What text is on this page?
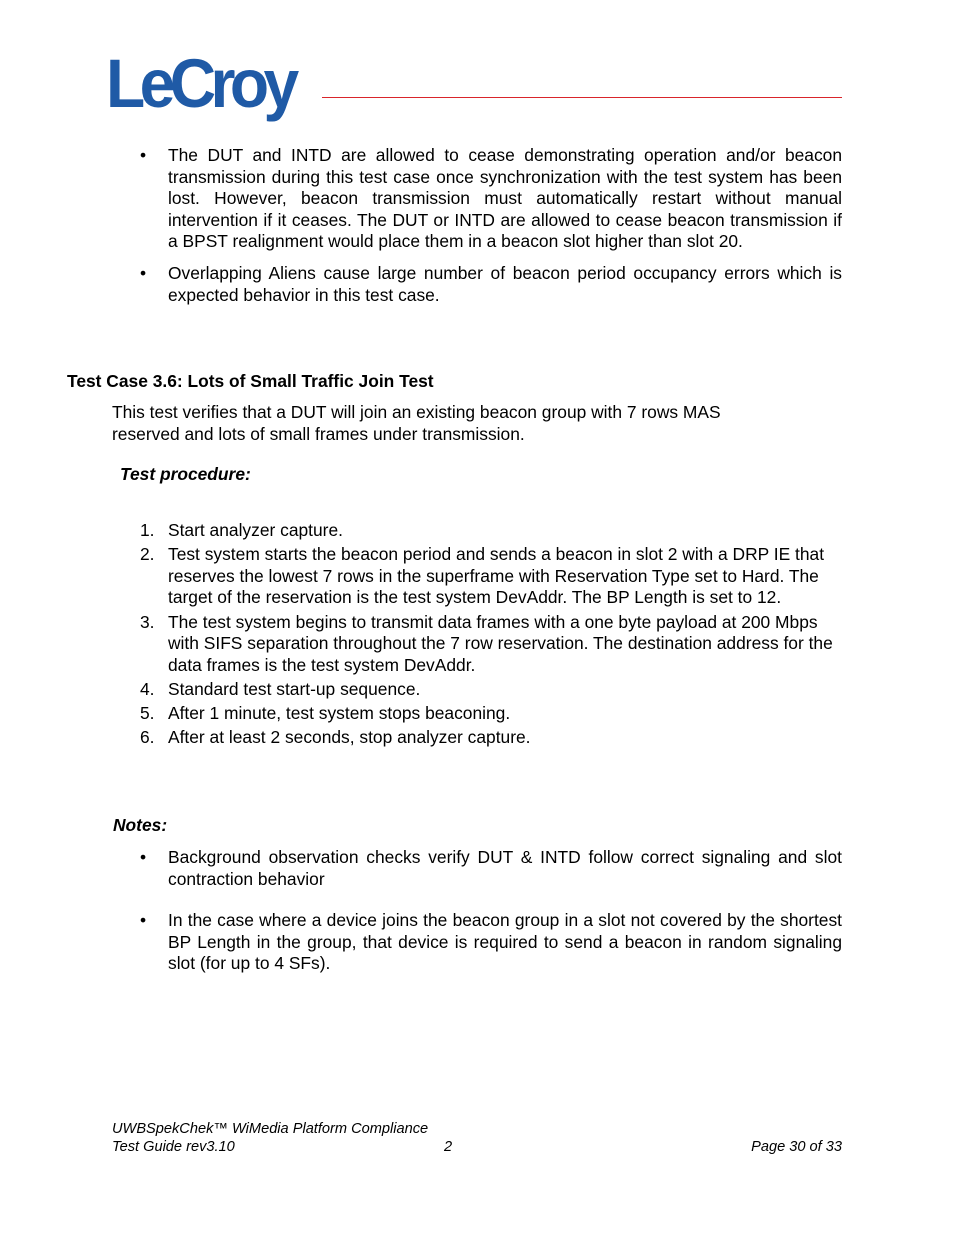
LeCroy
• The DUT and INTD are allowed to cease demonstrating operation and/or beacon transmission during this test case once synchronization with the test system has been lost. However, beacon transmission must automatically restart without manual intervention if it ceases. The DUT or INTD are allowed to cease beacon transmission if a BPST realignment would place them in a beacon slot higher than slot 20.
• Overlapping Aliens cause large number of beacon period occupancy errors which is expected behavior in this test case.
Test Case 3.6: Lots of Small Traffic Join Test

This test verifies that a DUT will join an existing beacon group with 7 rows MAS reserved and lots of small frames under transmission.

Test procedure:

1. Start analyzer capture.
2. Test system starts the beacon period and sends a beacon in slot 2 with a DRP IE that reserves the lowest 7 rows in the superframe with Reservation Type set to Hard. The target of the reservation is the test system DevAddr. The BP Length is set to 12.
3. The test system begins to transmit data frames with a one byte payload at 200 Mbps with SIFS separation throughout the 7 row reservation. The destination address for the data frames is the test system DevAddr.
4. Standard test start-up sequence.
5. After 1 minute, test system stops beaconing.
6. After at least 2 seconds, stop analyzer capture.

Notes:

• Background observation checks verify DUT & INTD follow correct signaling and slot contraction behavior
• In the case where a device joins the beacon group in a slot not covered by the shortest BP Length in the group, that device is required to send a beacon in random signaling slot (for up to 4 SFs).
UWBSpekChek™ WiMedia Platform Compliance
Test Guide rev3.10	2	Page 30 of 33
